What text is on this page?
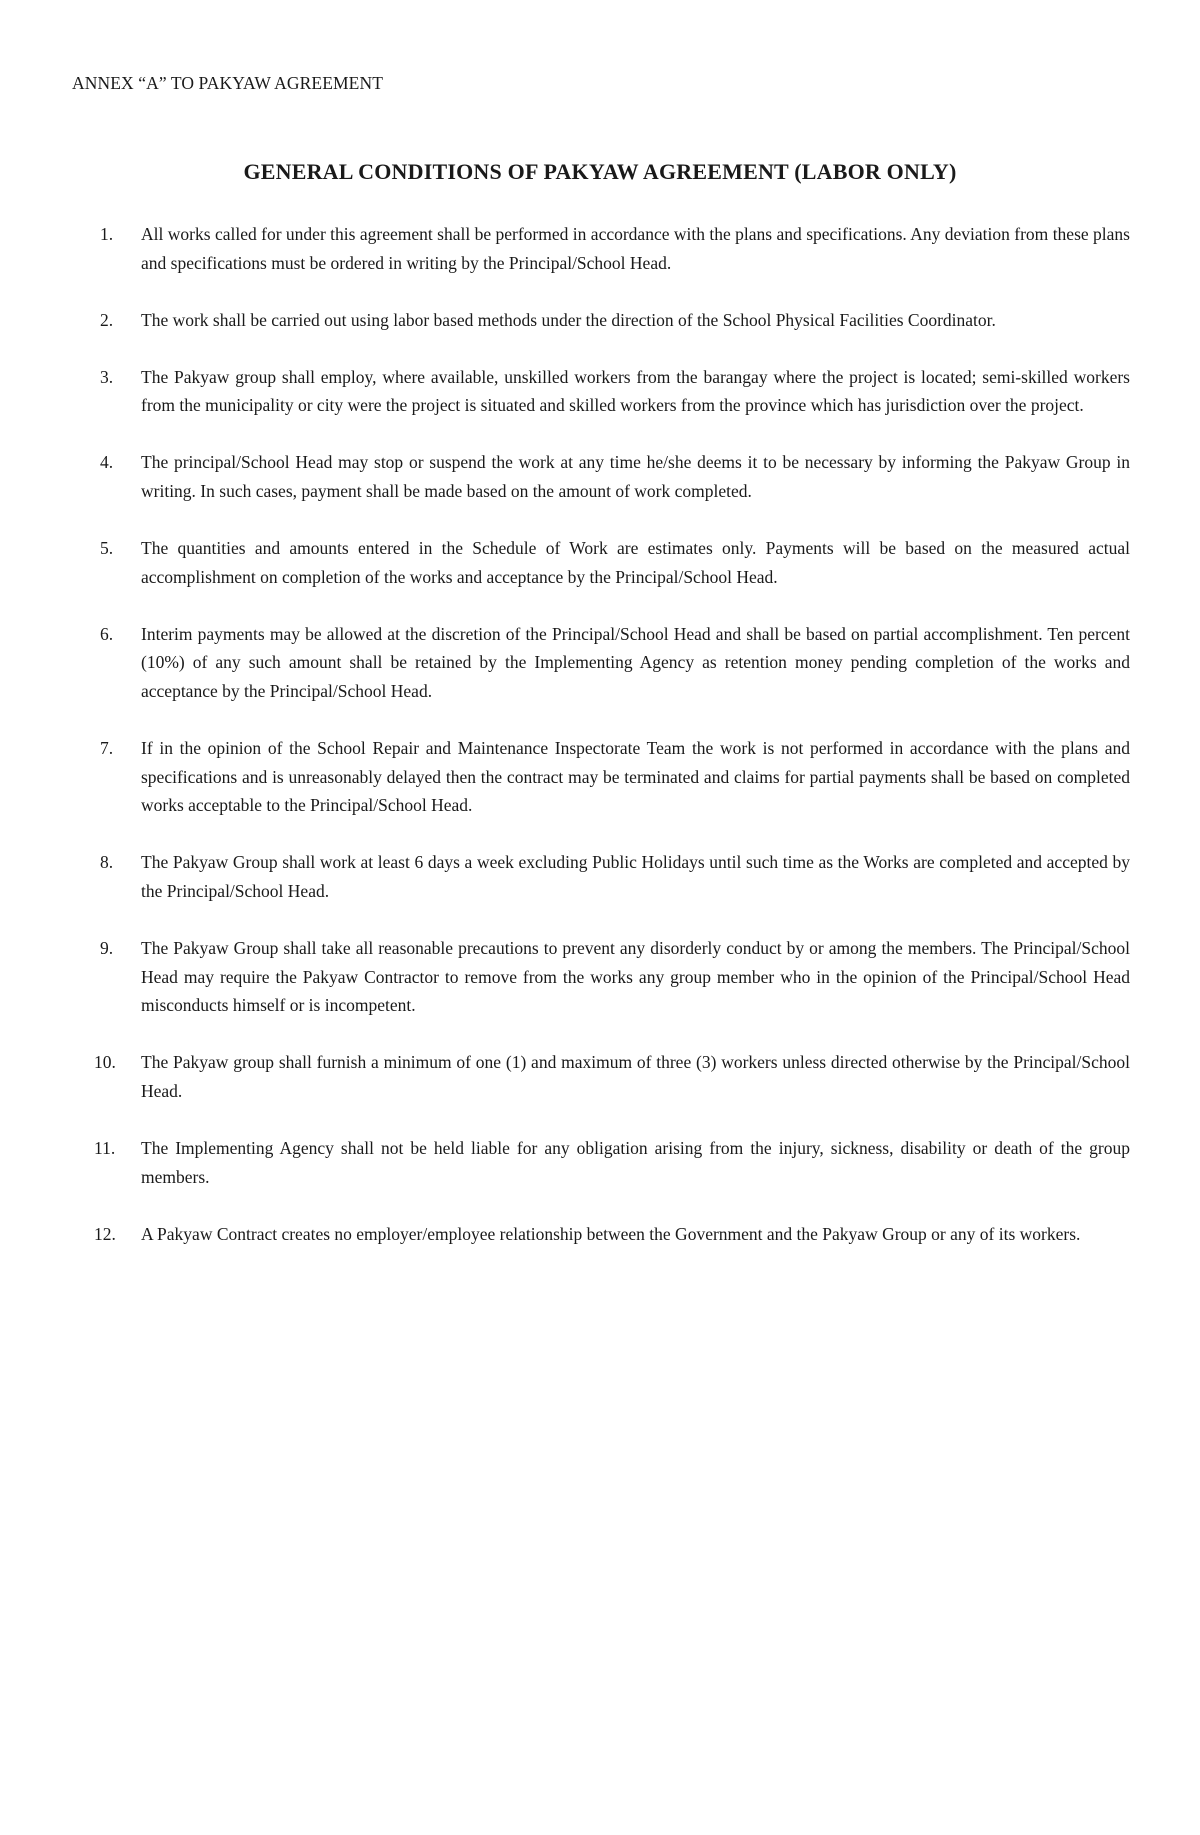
ANNEX “A” TO PAKYAW AGREEMENT
GENERAL CONDITIONS OF PAKYAW AGREEMENT (LABOR ONLY)
1.	All works called for under this agreement shall be performed in accordance with the plans and specifications. Any deviation from these plans and specifications must be ordered in writing by the Principal/School Head.
2.	The work shall be carried out using labor based methods under the direction of the School Physical Facilities Coordinator.
3.	The Pakyaw group shall employ, where available, unskilled workers from the barangay where the project is located; semi-skilled workers from the municipality or city were the project is situated and skilled workers from the province which has jurisdiction over the project.
4.	The principal/School Head may stop or suspend the work at any time he/she deems it to be necessary by informing the Pakyaw Group in writing. In such cases, payment shall be made based on the amount of work completed.
5.	The quantities and amounts entered in the Schedule of Work are estimates only. Payments will be based on the measured actual accomplishment on completion of the works and acceptance by the Principal/School Head.
6.	Interim payments may be allowed at the discretion of the Principal/School Head and shall be based on partial accomplishment. Ten percent (10%) of any such amount shall be retained by the Implementing Agency as retention money pending completion of the works and acceptance by the Principal/School Head.
7.	If in the opinion of the School Repair and Maintenance Inspectorate Team the work is not performed in accordance with the plans and specifications and is unreasonably delayed then the contract may be terminated and claims for partial payments shall be based on completed works acceptable to the Principal/School Head.
8.	The Pakyaw Group shall work at least 6 days a week excluding Public Holidays until such time as the Works are completed and accepted by the Principal/School Head.
9.	The Pakyaw Group shall take all reasonable precautions to prevent any disorderly conduct by or among the members. The Principal/School Head may require the Pakyaw Contractor to remove from the works any group member who in the opinion of the Principal/School Head misconducts himself or is incompetent.
10.	The Pakyaw group shall furnish a minimum of one (1) and maximum of three (3) workers unless directed otherwise by the Principal/School Head.
11.	The Implementing Agency shall not be held liable for any obligation arising from the injury, sickness, disability or death of the group members.
12.	A Pakyaw Contract creates no employer/employee relationship between the Government and the Pakyaw Group or any of its workers.
